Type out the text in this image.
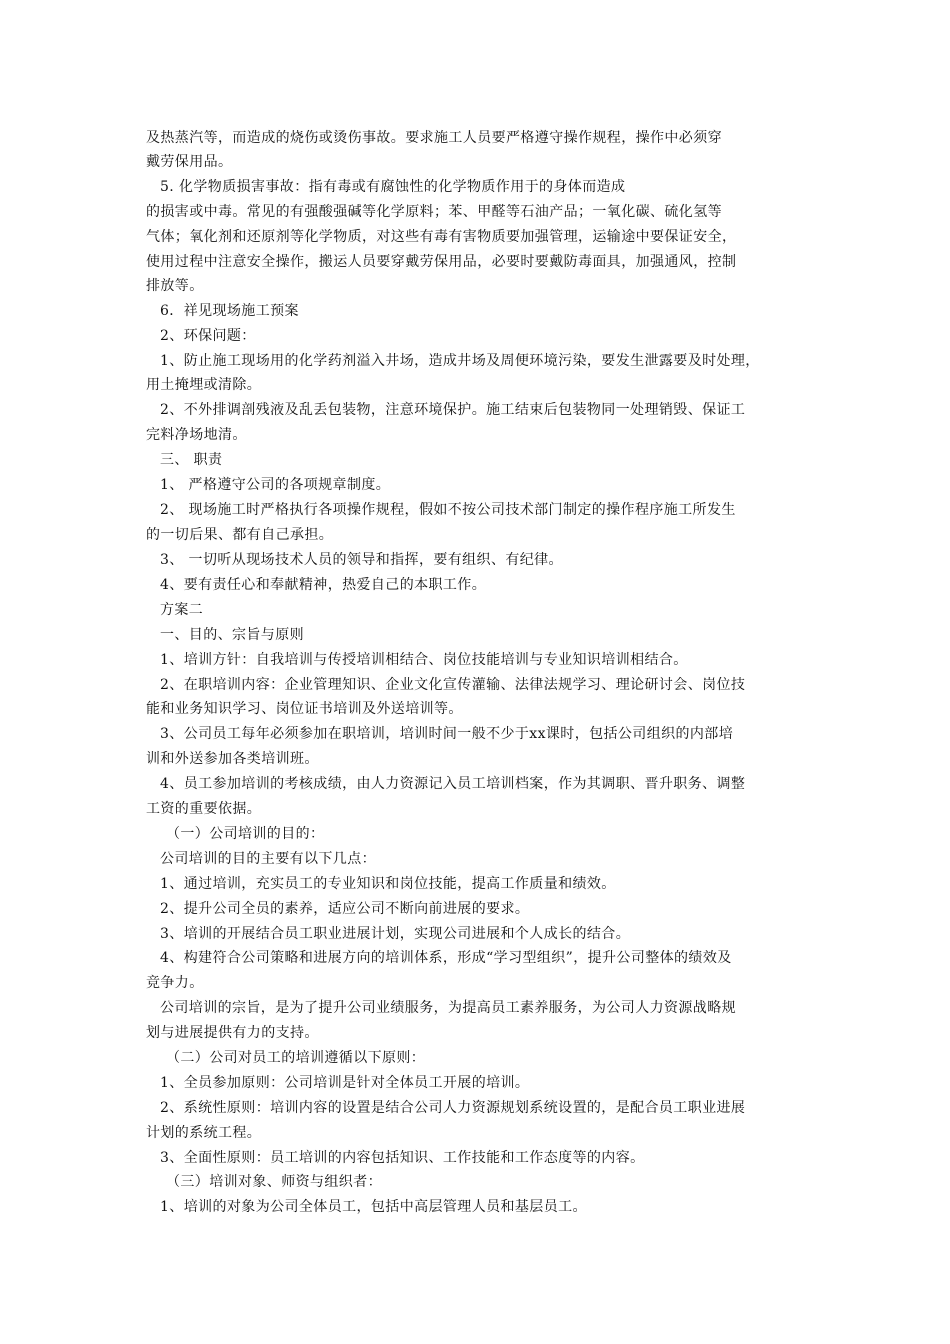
及热蒸汽等，而造成的烧伤或烫伤事故。要求施工人员要严格遵守操作规程，操作中必须穿
戴劳保用品。
5. 化学物质损害事故：指有毒或有腐蚀性的化学物质作用于的身体而造成
的损害或中毒。常见的有强酸强碱等化学原料；苯、甲醛等石油产品；一氧化碳、硫化氢等
气体；氧化剂和还原剂等化学物质，对这些有毒有害物质要加强管理，运输途中要保证安全，
使用过程中注意安全操作，搬运人员要穿戴劳保用品，必要时要戴防毒面具，加强通风，控制
排放等。
6．祥见现场施工预案
2、环保问题：
1、防止施工现场用的化学药剂溢入井场，造成井场及周便环境污染，要发生泄露要及时处理，
用土掩埋或清除。
2、不外排调剖残液及乱丢包装物，注意环境保护。施工结束后包装物同一处理销毁、保证工
完料净场地清。
三、 职责
1、 严格遵守公司的各项规章制度。
2、 现场施工时严格执行各项操作规程，假如不按公司技术部门制定的操作程序施工所发生
的一切后果、都有自己承担。
3、 一切听从现场技术人员的领导和指挥，要有组织、有纪律。
4、要有责任心和奉献精神，热爱自己的本职工作。
方案二
一、目的、宗旨与原则
1、培训方针：自我培训与传授培训相结合、岗位技能培训与专业知识培训相结合。
2、在职培训内容：企业管理知识、企业文化宣传灌输、法律法规学习、理论研讨会、岗位技
能和业务知识学习、岗位证书培训及外送培训等。
3、公司员工每年必须参加在职培训，培训时间一般不少于xx课时，包括公司组织的内部培
训和外送参加各类培训班。
4、员工参加培训的考核成绩，由人力资源记入员工培训档案，作为其调职、晋升职务、调整
工资的重要依据。
（一）公司培训的目的：
公司培训的目的主要有以下几点：
1、通过培训，充实员工的专业知识和岗位技能，提高工作质量和绩效。
2、提升公司全员的素养，适应公司不断向前进展的要求。
3、培训的开展结合员工职业进展计划，实现公司进展和个人成长的结合。
4、构建符合公司策略和进展方向的培训体系，形成“学习型组织”，提升公司整体的绩效及
竞争力。
公司培训的宗旨，是为了提升公司业绩服务，为提高员工素养服务，为公司人力资源战略规
划与进展提供有力的支持。
（二）公司对员工的培训遵循以下原则：
1、全员参加原则：公司培训是针对全体员工开展的培训。
2、系统性原则：培训内容的设置是结合公司人力资源规划系统设置的，是配合员工职业进展
计划的系统工程。
3、全面性原则：员工培训的内容包括知识、工作技能和工作态度等的内容。
（三）培训对象、师资与组织者：
1、培训的对象为公司全体员工，包括中高层管理人员和基层员工。
